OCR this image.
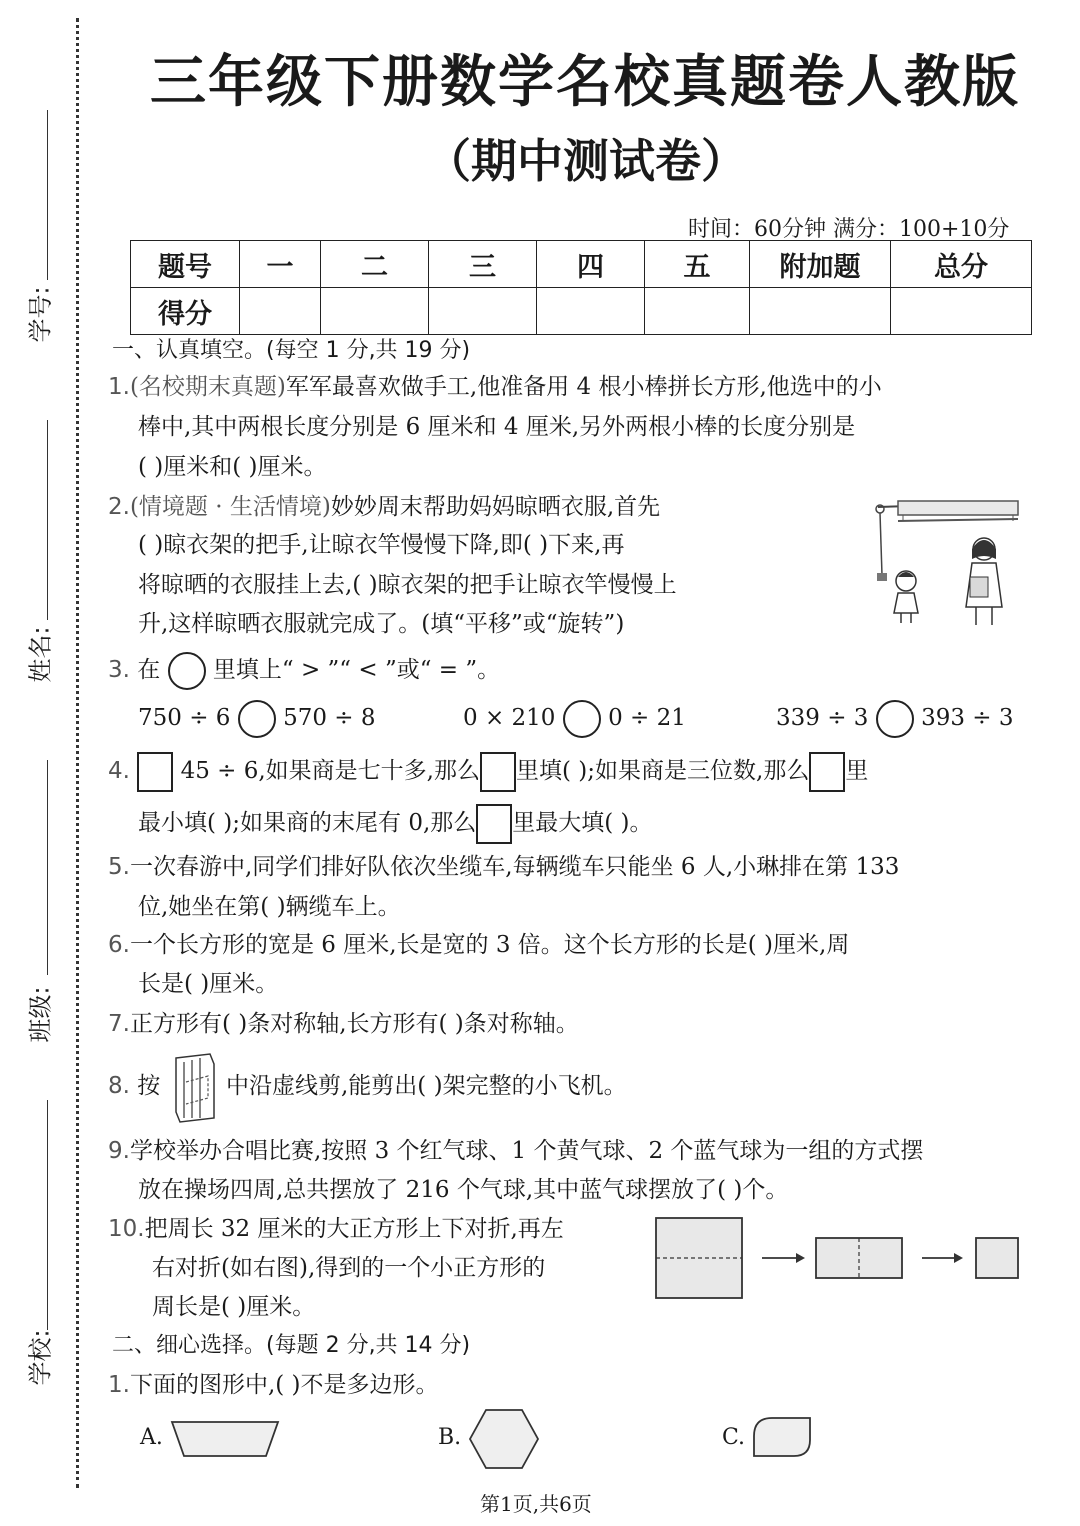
学号:
姓名:
班级:
学校:
三年级下册数学名校真题卷人教版
（期中测试卷）
时间：60分钟 满分：100+10分
题号	一	二	三	四	五	附加题	总分
得分							
一、认真填空。(每空 1 分,共 19 分)
1.(名校期末真题)军军最喜欢做手工,他准备用 4 根小棒拼长方形,他选中的小
棒中,其中两根长度分别是 6 厘米和 4 厘米,另外两根小棒的长度分别是
( )厘米和( )厘米。
2.(情境题 · 生活情境)妙妙周末帮助妈妈晾晒衣服,首先
( )晾衣架的把手,让晾衣竿慢慢下降,即( )下来,再
将晾晒的衣服挂上去,( )晾衣架的把手让晾衣竿慢慢上
升,这样晾晒衣服就完成了。(填“平移”或“旋转”)
3. 在 里填上“ > ”“ < ”或“ = ”。
750 ÷ 6 570 ÷ 8	0 × 210 0 ÷ 21	339 ÷ 3 393 ÷ 3
4. 45 ÷ 6,如果商是七十多,那么 里填( );如果商是三位数,那么 里
最小填( );如果商的末尾有 0,那么 里最大填( )。
5.一次春游中,同学们排好队依次坐缆车,每辆缆车只能坐 6 人,小琳排在第 133
位,她坐在第( )辆缆车上。
6.一个长方形的宽是 6 厘米,长是宽的 3 倍。这个长方形的长是( )厘米,周
长是( )厘米。
7.正方形有( )条对称轴,长方形有( )条对称轴。
8. 按	中沿虚线剪,能剪出( )架完整的小飞机。
9.学校举办合唱比赛,按照 3 个红气球、1 个黄气球、2 个蓝气球为一组的方式摆
放在操场四周,总共摆放了 216 个气球,其中蓝气球摆放了( )个。
10.把周长 32 厘米的大正方形上下对折,再左
右对折(如右图),得到的一个小正方形的
周长是( )厘米。
二、细心选择。(每题 2 分,共 14 分)
1.下面的图形中,( )不是多边形。
A.	B.	C.
第1页,共6页
